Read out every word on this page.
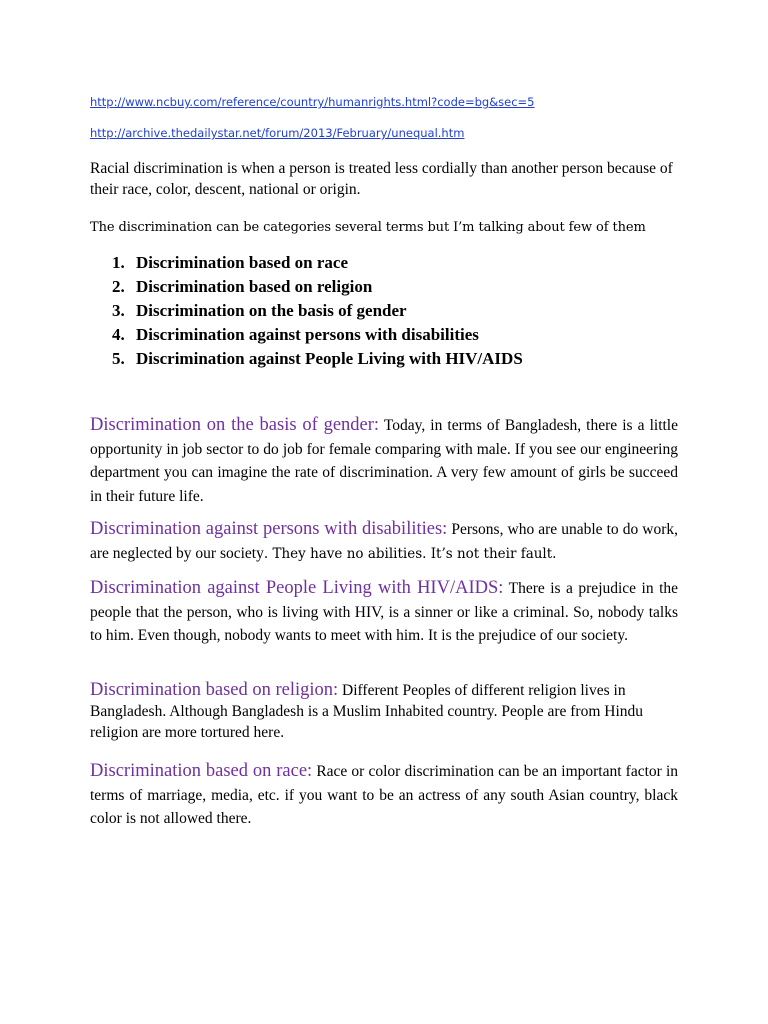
http://www.ncbuy.com/reference/country/humanrights.html?code=bg&sec=5
http://archive.thedailystar.net/forum/2013/February/unequal.htm

Racial discrimination is when a person is treated less cordially than another person because of their race, color, descent, national or origin.

The discrimination can be categories several terms but I’m talking about few of them

1. Discrimination based on race
2. Discrimination based on religion
3. Discrimination on the basis of gender
4. Discrimination against persons with disabilities
5. Discrimination against People Living with HIV/AIDS

Discrimination on the basis of gender: Today, in terms of Bangladesh, there is a little opportunity in job sector to do job for female comparing with male. If you see our engineering department you can imagine the rate of discrimination. A very few amount of girls be succeed in their future life.

Discrimination against persons with disabilities: Persons, who are unable to do work, are neglected by our society. They have no abilities. It’s not their fault.

Discrimination against People Living with HIV/AIDS: There is a prejudice in the people that the person, who is living with HIV, is a sinner or like a criminal. So, nobody talks to him. Even though, nobody wants to meet with him. It is the prejudice of our society.

Discrimination based on religion: Different Peoples of different religion lives in Bangladesh. Although Bangladesh is a Muslim Inhabited country. People are from Hindu religion are more tortured here.

Discrimination based on race: Race or color discrimination can be an important factor in terms of marriage, media, etc. if you want to be an actress of any south Asian country, black color is not allowed there.
